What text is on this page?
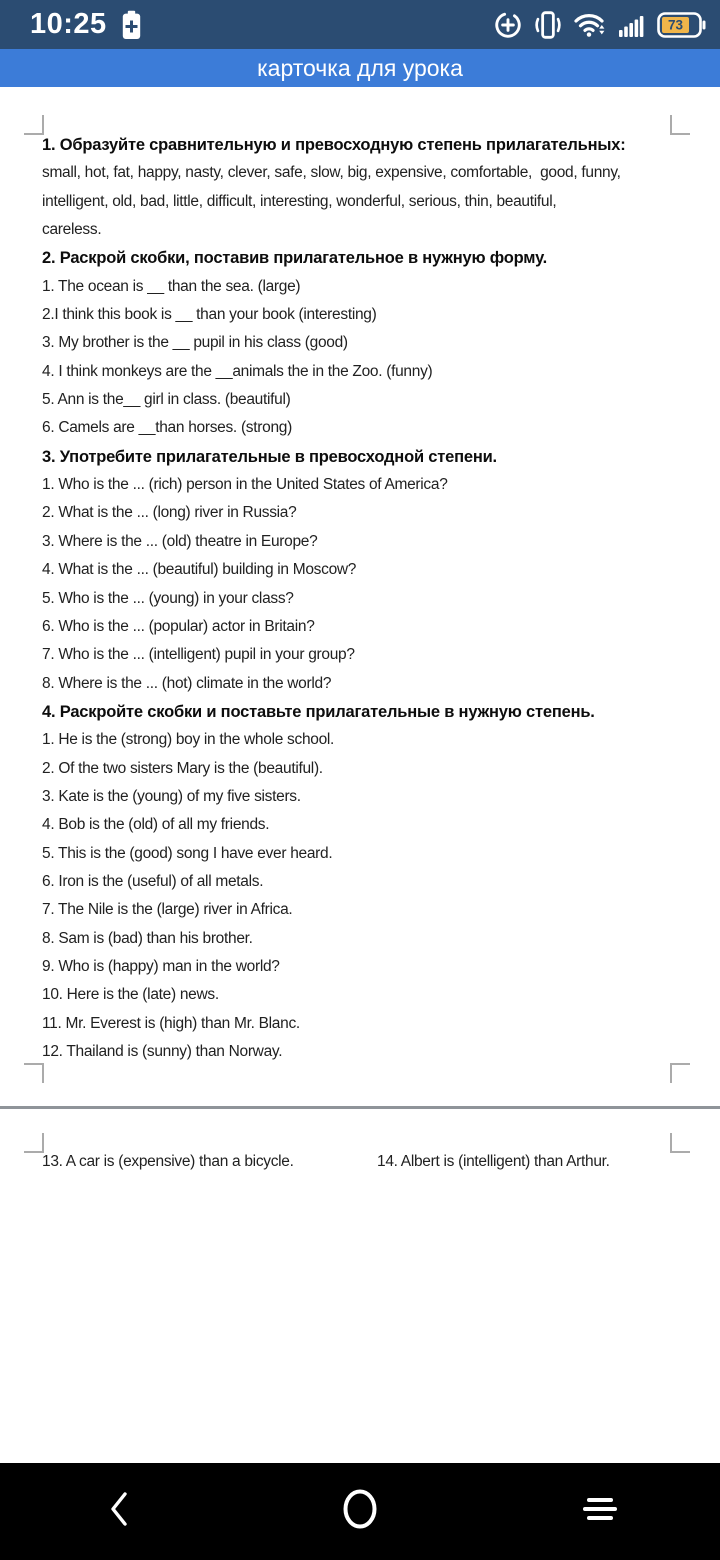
10:25	73
карточка для урока
1. Образуйте сравнительную и превосходную степень прилагательных:
small, hot, fat, happy, nasty, clever, safe, slow, big, expensive, comfortable,  good, funny,
intelligent, old, bad, little, difficult, interesting, wonderful, serious, thin, beautiful,
careless.
2. Раскрой скобки, поставив прилагательное в нужную форму.
1. The ocean is __ than the sea. (large)
2.I think this book is __ than your book (interesting)
3. My brother is the __ pupil in his class (good)
4. I think monkeys are the __animals the in the Zoo. (funny)
5. Ann is the__ girl in class. (beautiful)
6. Camels are __than horses. (strong)
3. Употребите прилагательные в превосходной степени.
1. Who is the ... (rich) person in the United States of America?
2. What is the ... (long) river in Russia?
3. Where is the ... (old) theatre in Europe?
4. What is the ... (beautiful) building in Moscow?
5. Who is the ... (young) in your class?
6. Who is the ... (popular) actor in Britain?
7. Who is the ... (intelligent) pupil in your group?
8. Where is the ... (hot) climate in the world?
4. Раскройте скобки и поставьте прилагательные в нужную степень.
1. He is the (strong) boy in the whole school.
2. Of the two sisters Mary is the (beautiful).
3. Kate is the (young) of my five sisters.
4. Bob is the (old) of all my friends.
5. This is the (good) song I have ever heard.
6. Iron is the (useful) of all metals.
7. The Nile is the (large) river in Africa.
8. Sam is (bad) than his brother.
9. Who is (happy) man in the world?
10. Here is the (late) news.
11. Mr. Everest is (high) than Mr. Blanc.
12. Thailand is (sunny) than Norway.
13. A car is (expensive) than a bicycle.	14. Albert is (intelligent) than Arthur.
